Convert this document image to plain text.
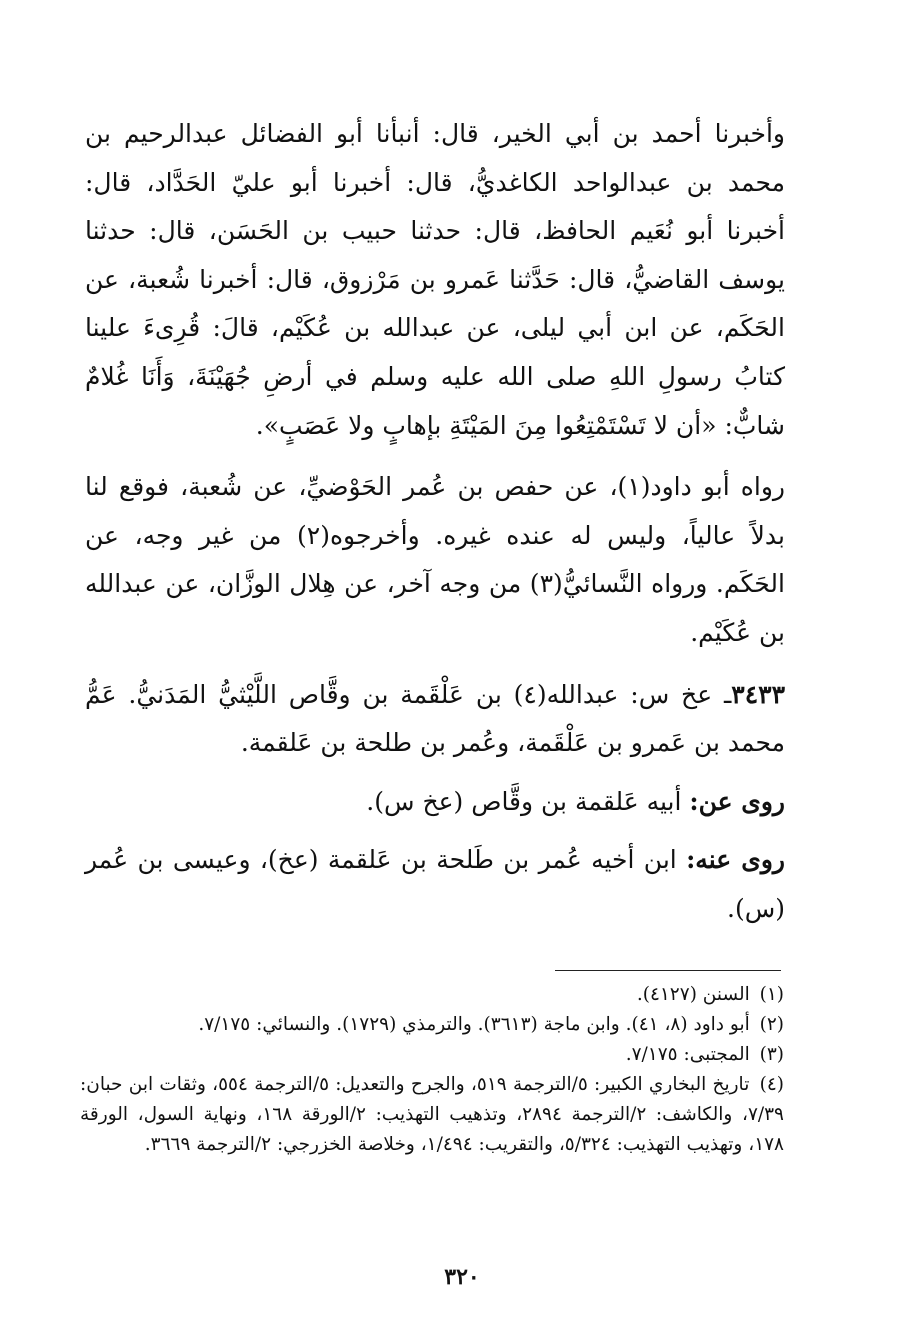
وأخبرنا أحمد بن أبي الخير، قال: أنبأنا أبو الفضائل عبدالرحيم بن محمد بن عبدالواحد الكاغديُّ، قال: أخبرنا أبو عليّ الحَدَّاد، قال: أخبرنا أبو نُعَيم الحافظ، قال: حدثنا حبيب بن الحَسَن، قال: حدثنا يوسف القاضيُّ، قال: حَدَّثنا عَمرو بن مَرْزوق، قال: أخبرنا شُعبة، عن الحَكَم، عن ابن أبي ليلى، عن عبدالله بن عُكَيْم، قالَ: قُرِىءَ علينا كتابُ رسولِ اللهِ صلى الله عليه وسلم في أرضِ جُهَيْنَةَ، وَأَنَا غُلامٌ شابٌّ: «أن لا تَسْتَمْتِعُوا مِنَ المَيْتَةِ بإهابٍ ولا عَصَبٍ».

رواه أبو داود(١)، عن حفص بن عُمر الحَوْضيِّ، عن شُعبة، فوقع لنا بدلاً عالياً، وليس له عنده غيره. وأخرجوه(٢) من غير وجه، عن الحَكَم. ورواه النَّسائيُّ(٣) من وجه آخر، عن هِلال الوزَّان، عن عبدالله بن عُكَيْم.

٣٤٣٣ـ عخ س: عبدالله(٤) بن عَلْقَمة بن وقَّاص اللَّيْثيُّ المَدَنيُّ. عَمُّ محمد بن عَمرو بن عَلْقَمة، وعُمر بن طلحة بن عَلقمة.

روى عن: أبيه عَلقمة بن وقَّاص (عخ س).

روى عنه: ابن أخيه عُمر بن طَلحة بن عَلقمة (عخ)، وعيسى بن عُمر (س).

(١) السنن (٤١٢٧).

(٢) أبو داود (٨، ٤١). وابن ماجة (٣٦١٣). والترمذي (١٧٢٩). والنسائي: ٧/١٧٥.

(٣) المجتبى: ٧/١٧٥.

(٤) تاريخ البخاري الكبير: ٥/الترجمة ٥١٩، والجرح والتعديل: ٥/الترجمة ٥٥٤، وثقات ابن حبان: ٧/٣٩، والكاشف: ٢/الترجمة ٢٨٩٤، وتذهيب التهذيب: ٢/الورقة ١٦٨، ونهاية السول، الورقة ١٧٨، وتهذيب التهذيب: ٥/٣٢٤، والتقريب: ١/٤٩٤، وخلاصة الخزرجي: ٢/الترجمة ٣٦٦٩.

٣٢٠
